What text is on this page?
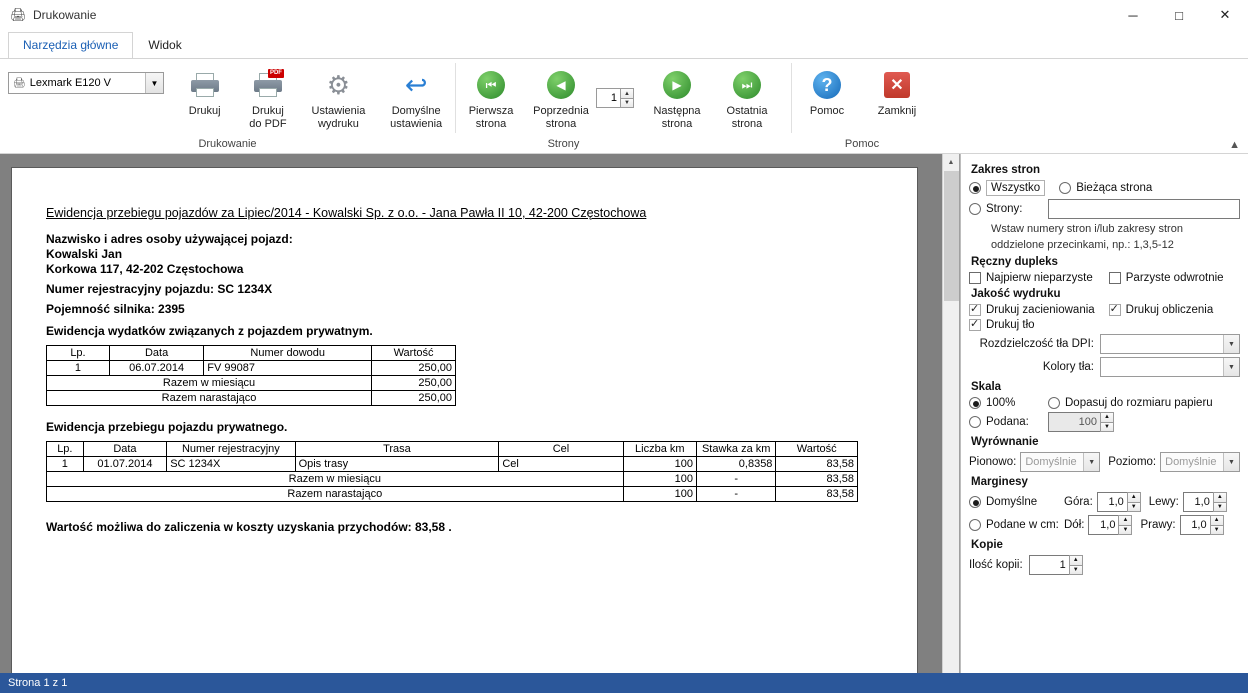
🖨 Drukowanie	─	□	✕
Narzędzia główne	Widok
🖨 Lexmark E120 V	▼
Drukuj
PDF
Drukuj
do PDF
⚙
Ustawienia
wydruku
↩
Domyślne
ustawienia
Drukowanie
⏮
Pierwsza
strona
◀
Poprzednia
strona
1	▲
▼
▶
Następna
strona
⏭
Ostatnia
strona
Strony
?
Pomoc
✕
Zamknij
Pomoc	▲
Ewidencja przebiegu pojazdów za Lipiec/2014 - Kowalski Sp. z o.o. - Jana Pawła II 10, 42-200 Częstochowa
Nazwisko i adres osoby używającej pojazd:
Kowalski Jan
Korkowa 117, 42-202 Częstochowa
Numer rejestracyjny pojazdu: SC 1234X
Pojemność silnika: 2395
Ewidencja wydatków związanych z pojazdem prywatnym.
Lp.	Data	Numer dowodu	Wartość
1	06.07.2014	FV 99087	250,00
Razem w miesiącu			250,00
Razem narastająco			250,00
Ewidencja przebiegu pojazdu prywatnego.
Lp.	Data	Numer rejestracyjny	Trasa	Cel	Liczba km	Stawka za km	Wartość
1	01.07.2014	SC 1234X	Opis trasy	Cel	100	0,8358	83,58
Razem w miesiącu					100	-	83,58
Razem narastająco					100	-	83,58
Wartość możliwa do zaliczenia w koszty uzyskania przychodów: 83,58 .
▲
Zakres stron
Wszystko	Bieżąca strona
Strony:
Wstaw numery stron i/lub zakresy stron
oddzielone przecinkami, np.: 1,3,5-12
Ręczny dupleks
Najpierw nieparzyste	Parzyste odwrotnie
Jakość wydruku
✓
Drukuj zacieniowania ✓	Drukuj obliczenia
✓
Drukuj tło
Rozdzielczość tła DPI:	▼
Kolory tła:	▼
Skala
100%	Dopasuj do rozmiaru papieru
Podana:	100	▲
▼
Wyrównanie
Pionowo: Domyślnie	▼	Poziomo: Domyślnie	▼
Marginesy
Domyślne	Góra:	1,0	▲
▼	Lewy:	1,0	▲
▼
Podane w cm: Dół:	1,0	▲
▼	Prawy:	1,0	▲
▼
Kopie
Ilość kopii:	1	▲
▼
Strona 1 z 1
